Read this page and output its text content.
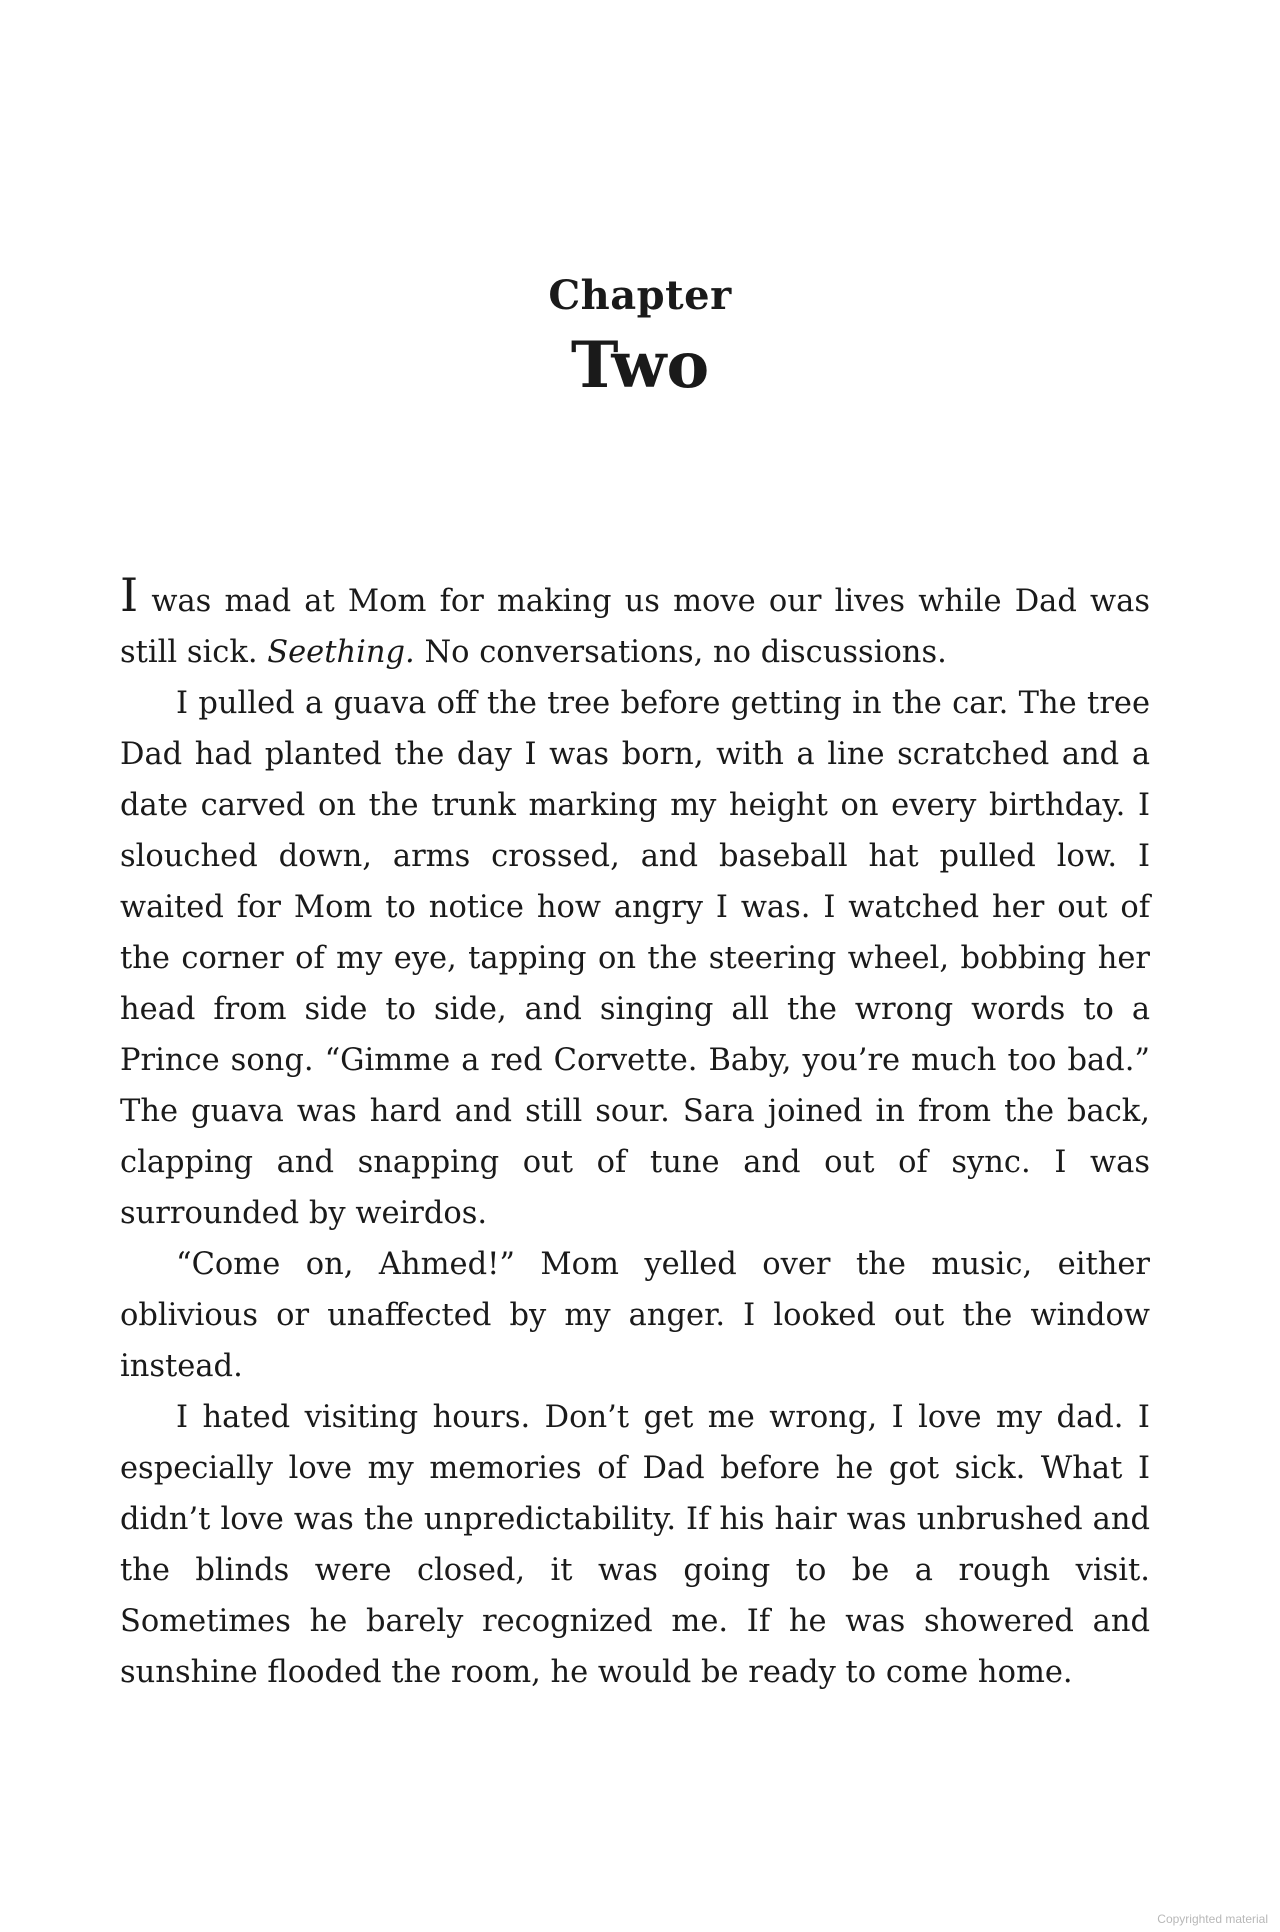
Chapter
Two

I was mad at Mom for making us move our lives while Dad was still sick. Seething. No conversations, no discussions.

I pulled a guava off the tree before getting in the car. The tree Dad had planted the day I was born, with a line scratched and a date carved on the trunk marking my height on every birthday. I slouched down, arms crossed, and baseball hat pulled low. I waited for Mom to notice how angry I was. I watched her out of the corner of my eye, tapping on the steering wheel, bobbing her head from side to side, and singing all the wrong words to a Prince song. “Gimme a red Corvette. Baby, you’re much too bad.” The guava was hard and still sour. Sara joined in from the back, clapping and snapping out of tune and out of sync. I was surrounded by weirdos.

“Come on, Ahmed!” Mom yelled over the music, either oblivious or unaffected by my anger. I looked out the window instead.

I hated visiting hours. Don’t get me wrong, I love my dad. I especially love my memories of Dad before he got sick. What I didn’t love was the unpredictability. If his hair was unbrushed and the blinds were closed, it was going to be a rough visit. Sometimes he barely recognized me. If he was showered and sunshine flooded the room, he would be ready to come home.

Copyrighted material
